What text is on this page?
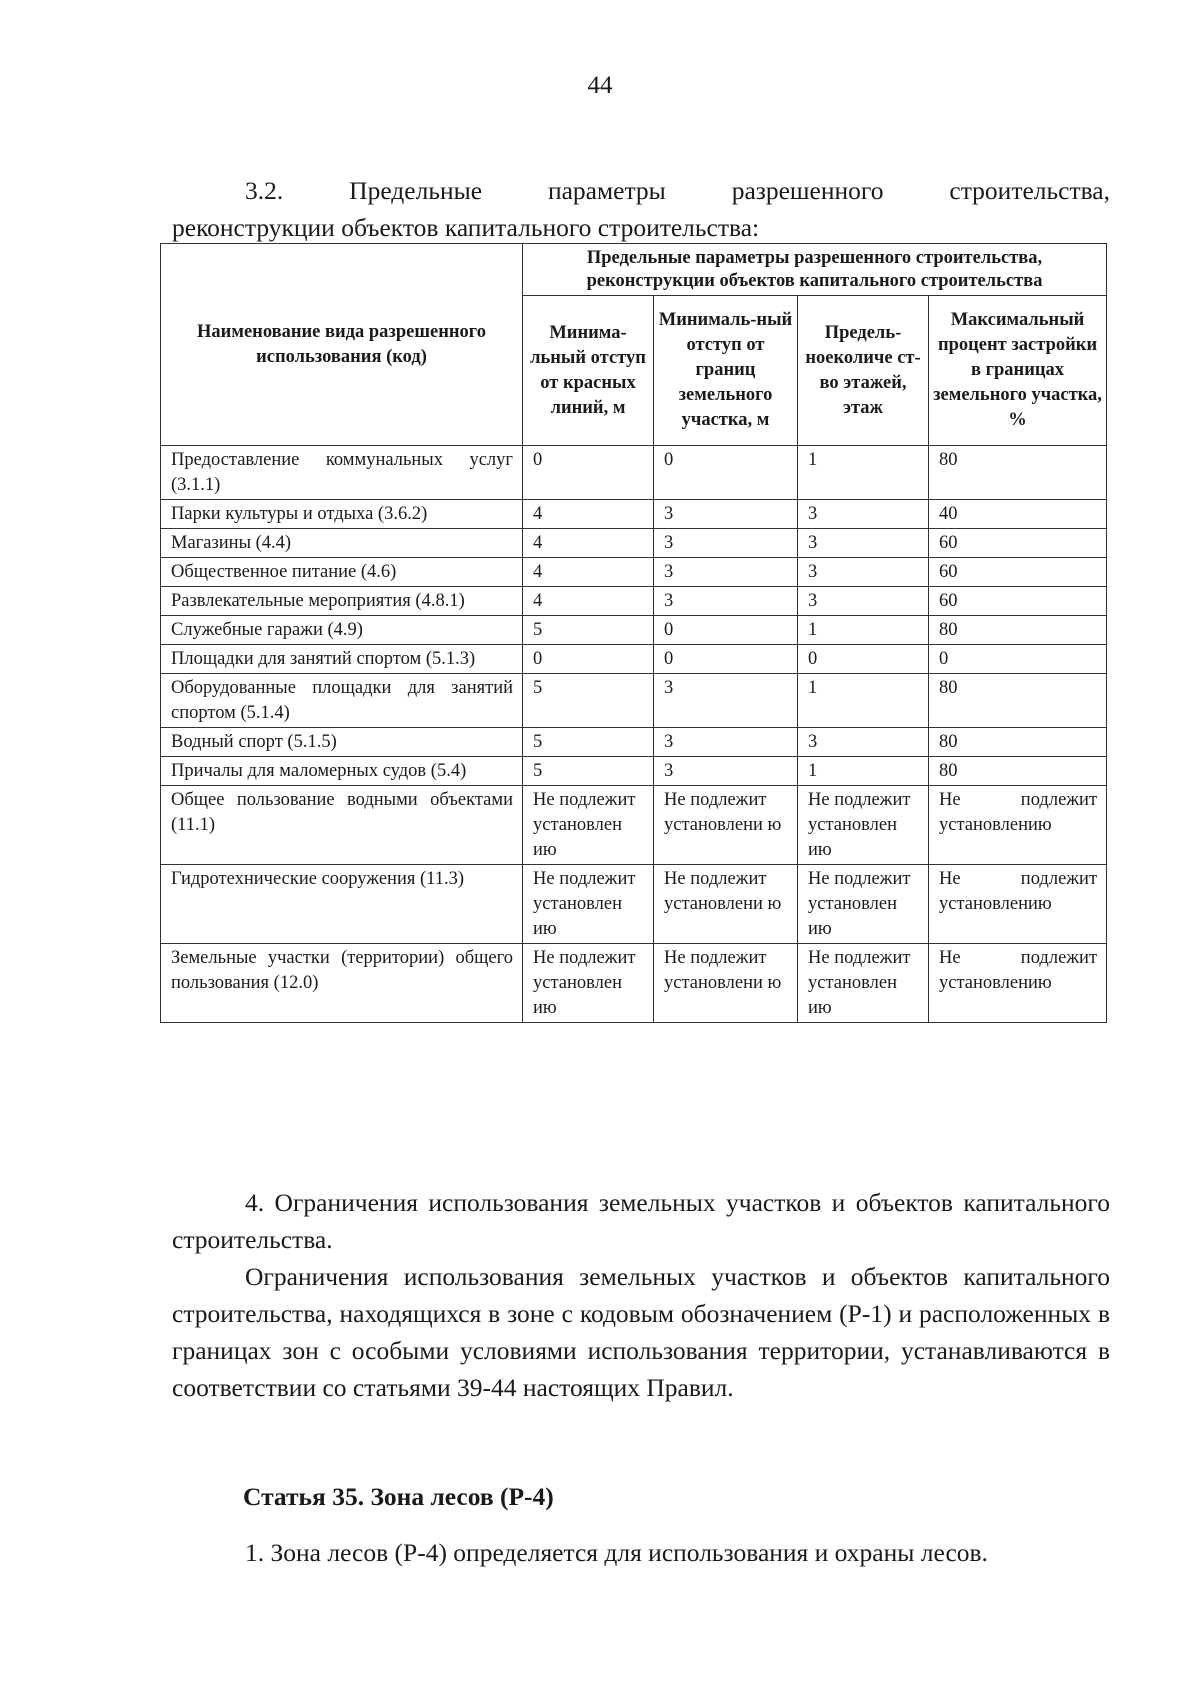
44
3.2. Предельные параметры разрешенного строительства,
реконструкции объектов капитального строительства:
Наименование вида разрешенного использования (код)	Предельные параметры разрешенного строительства, реконструкции объектов капитального строительства			
	Минима-льный отступ от красных линий, м	Минималь-ный отступ от границ земельного участка, м	Предель-ноеколиче ст-во этажей, этаж	Максимальный процент застройки в границах земельного участка, %
Предоставление коммунальных услуг (3.1.1)	0	0	1	80
Парки культуры и отдыха (3.6.2)	4	3	3	40
Магазины (4.4)	4	3	3	60
Общественное питание (4.6)	4	3	3	60
Развлекательные мероприятия (4.8.1)	4	3	3	60
Служебные гаражи (4.9)	5	0	1	80
Площадки для занятий спортом (5.1.3)	0	0	0	0
Оборудованные площадки для занятий спортом (5.1.4)	5	3	1	80
Водный спорт (5.1.5)	5	3	3	80
Причалы для маломерных судов (5.4)	5	3	1	80
Общее пользование водными объектами (11.1)	Не подлежит установлен ию	Не подлежит установлени ю	Не подлежит установлен ию	Не подлежит установлению
Гидротехнические сооружения (11.3)	Не подлежит установлен ию	Не подлежит установлени ю	Не подлежит установлен ию	Не подлежит установлению
Земельные участки (территории) общего пользования (12.0)	Не подлежит установлен ию	Не подлежит установлени ю	Не подлежит установлен ию	Не подлежит установлению
4. Ограничения использования земельных участков и объектов капитального строительства.
Ограничения использования земельных участков и объектов капитального строительства, находящихся в зоне с кодовым обозначением (Р-1) и расположенных в границах зон с особыми условиями использования территории, устанавливаются в соответствии со статьями 39-44 настоящих Правил.
Статья 35. Зона лесов (Р-4)
1. Зона лесов (Р-4) определяется для использования и охраны лесов.
